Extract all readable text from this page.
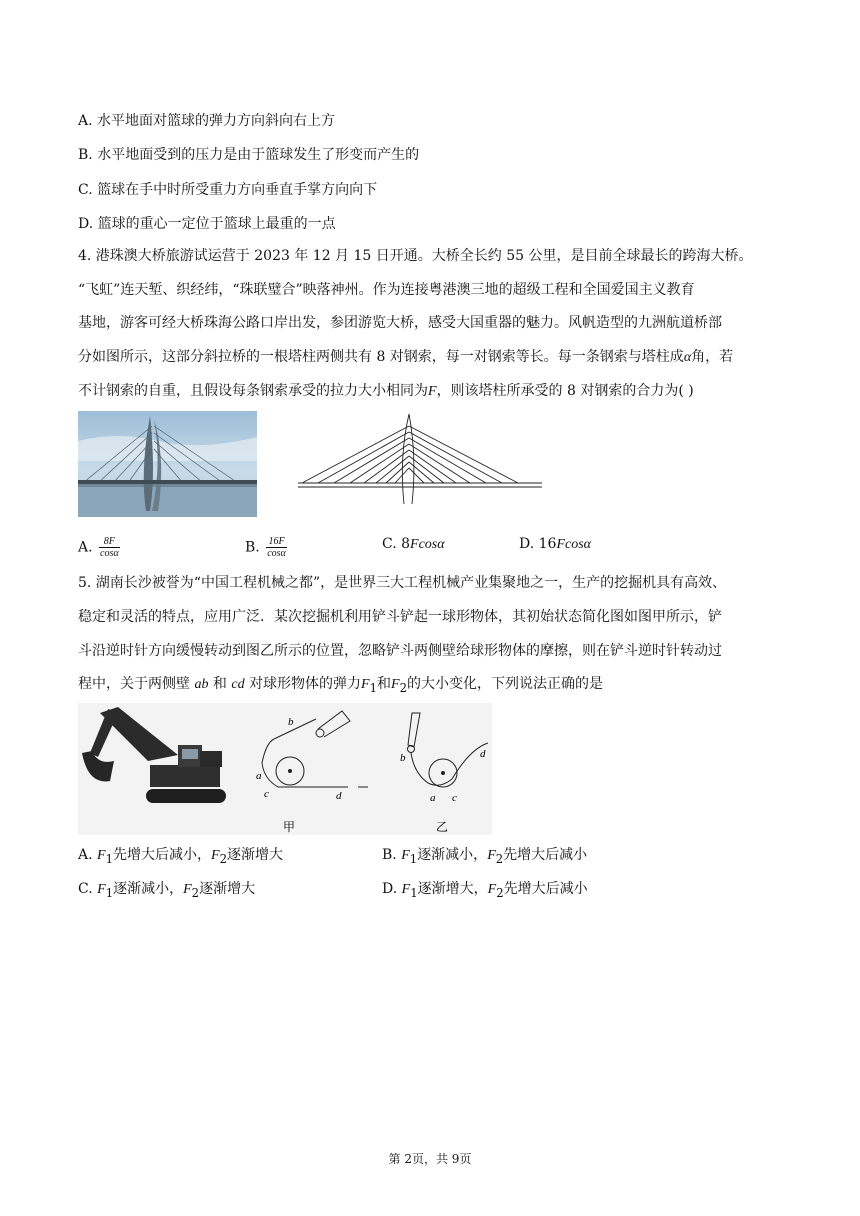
A. 水平地面对篮球的弹力方向斜向右上方
B. 水平地面受到的压力是由于篮球发生了形变而产生的
C. 篮球在手中时所受重力方向垂直手掌方向向下
D. 篮球的重心一定位于篮球上最重的一点
4. 港珠澳大桥旅游试运营于 2023 年 12 月 15 日开通。大桥全长约 55 公里，是目前全球最长的跨海大桥。
“飞虹”连天堑、织经纬，“珠联璧合”映落神州。作为连接粤港澳三地的超级工程和全国爱国主义教育
基地，游客可经大桥珠海公路口岸出发，参团游览大桥，感受大国重器的魅力。风帆造型的九洲航道桥部
分如图所示，这部分斜拉桥的一根塔柱两侧共有 8 对钢索，每一对钢索等长。每一条钢索与塔柱成α角，若
不计钢索的自重，且假设每条钢索承受的拉力大小相同为F，则该塔柱所承受的 8 对钢索的合力为( )
A. $\frac{8F}{\cos\alpha}$	B. $\frac{16F}{\cos\alpha}$	C. 8Fcosα	D. 16Fcosα
5. 湖南长沙被誉为“中国工程机械之都”，是世界三大工程机械产业集聚地之一，生产的挖掘机具有高效、
稳定和灵活的特点，应用广泛．某次挖掘机利用铲斗铲起一球形物体，其初始状态简化图如图甲所示，铲
斗沿逆时针方向缓慢转动到图乙所示的位置，忽略铲斗两侧壁给球形物体的摩擦，则在铲斗逆时针转动过
程中，关于两侧壁 ab 和 cd 对球形物体的弹力$F_1$和$F_2$的大小变化，下列说法正确的是
b
a
c	d
甲
b
a c
d
乙
A. $F_1$先增大后减小，$F_2$逐渐增大	B. $F_1$逐渐减小，$F_2$先增大后减小
C. $F_1$逐渐减小，$F_2$逐渐增大	D. $F_1$逐渐增大，$F_2$先增大后减小
第 2页，共 9页
